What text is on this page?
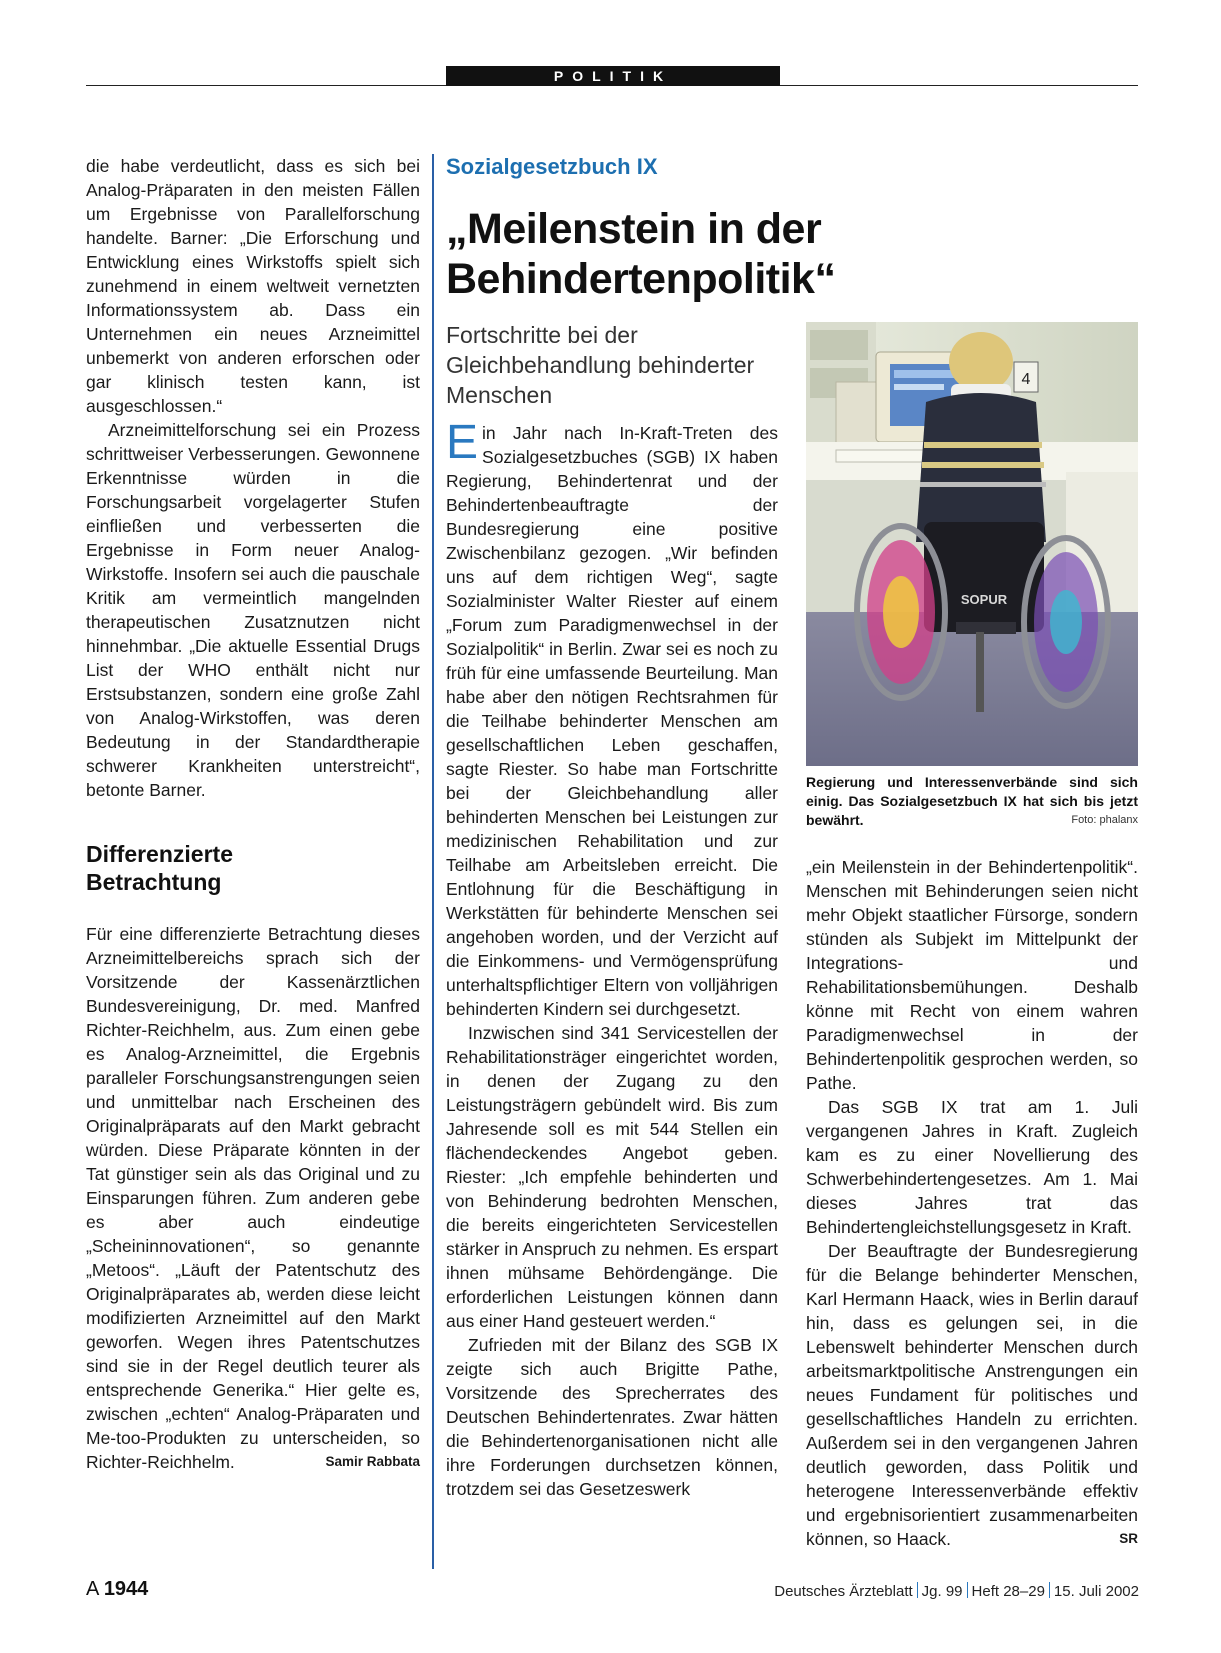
POLITIK

die habe verdeutlicht, dass es sich bei Analog-Präparaten in den meisten Fällen um Ergebnisse von Parallelforschung handelte. Barner: „Die Erforschung und Entwicklung eines Wirkstoffs spielt sich zunehmend in einem weltweit vernetzten Informationssystem ab. Dass ein Unternehmen ein neues Arzneimittel unbemerkt von anderen erforschen oder gar klinisch testen kann, ist ausgeschlossen.“

Arzneimittelforschung sei ein Prozess schrittweiser Verbesserungen. Gewonnene Erkenntnisse würden in die Forschungsarbeit vorgelagerter Stufen einfließen und verbesserten die Ergebnisse in Form neuer Analog-Wirkstoffe. Insofern sei auch die pauschale Kritik am vermeintlich mangelnden therapeutischen Zusatznutzen nicht hinnehmbar. „Die aktuelle Essential Drugs List der WHO enthält nicht nur Erstsubstanzen, sondern eine große Zahl von Analog-Wirkstoffen, was deren Bedeutung in der Standardtherapie schwerer Krankheiten unterstreicht“, betonte Barner.

Differenzierte
Betrachtung

Für eine differenzierte Betrachtung dieses Arzneimittelbereichs sprach sich der Vorsitzende der Kassenärztlichen Bundesvereinigung, Dr. med. Manfred Richter-Reichhelm, aus. Zum einen gebe es Analog-Arzneimittel, die Ergebnis paralleler Forschungsanstrengungen seien und unmittelbar nach Erscheinen des Originalpräparats auf den Markt gebracht würden. Diese Präparate könnten in der Tat günstiger sein als das Original und zu Einsparungen führen. Zum anderen gebe es aber auch eindeutige „Scheininnovationen“, so genannte „Metoos“. „Läuft der Patentschutz des Originalpräparates ab, werden diese leicht modifizierten Arzneimittel auf den Markt geworfen. Wegen ihres Patentschutzes sind sie in der Regel deutlich teurer als entsprechende Generika.“ Hier gelte es, zwischen „echten“ Analog-Präparaten und Me-too-Produkten zu unterscheiden, so Richter-Reichhelm.	Samir Rabbata

Sozialgesetzbuch IX
„Meilenstein in der
Behindertenpolitik“
Fortschritte bei der Gleichbehandlung behinderter Menschen

Ein Jahr nach In-Kraft-Treten des Sozialgesetzbuches (SGB) IX haben Regierung, Behindertenrat und der Behindertenbeauftragte der Bundesregierung eine positive Zwischenbilanz gezogen. „Wir befinden uns auf dem richtigen Weg“, sagte Sozialminister Walter Riester auf einem „Forum zum Paradigmenwechsel in der Sozialpolitik“ in Berlin. Zwar sei es noch zu früh für eine umfassende Beurteilung. Man habe aber den nötigen Rechtsrahmen für die Teilhabe behinderter Menschen am gesellschaftlichen Leben geschaffen, sagte Riester. So habe man Fortschritte bei der Gleichbehandlung aller behinderten Menschen bei Leistungen zur medizinischen Rehabilitation und zur Teilhabe am Arbeitsleben erreicht. Die Entlohnung für die Beschäftigung in Werkstätten für behinderte Menschen sei angehoben worden, und der Verzicht auf die Einkommens- und Vermögensprüfung unterhaltspflichtiger Eltern von volljährigen behinderten Kindern sei durchgesetzt.

Inzwischen sind 341 Servicestellen der Rehabilitationsträger eingerichtet worden, in denen der Zugang zu den Leistungsträgern gebündelt wird. Bis zum Jahresende soll es mit 544 Stellen ein flächendeckendes Angebot geben. Riester: „Ich empfehle behinderten und von Behinderung bedrohten Menschen, die bereits eingerichteten Servicestellen stärker in Anspruch zu nehmen. Es erspart ihnen mühsame Behördengänge. Die erforderlichen Leistungen können dann aus einer Hand gesteuert werden.“

Zufrieden mit der Bilanz des SGB IX zeigte sich auch Brigitte Pathe, Vorsitzende des Sprecherrates des Deutschen Behindertenrates. Zwar hätten die Behindertenorganisationen nicht alle ihre Forderungen durchsetzen können, trotzdem sei das Gesetzeswerk

4
SOPUR
Regierung und Interessenverbände sind sich einig. Das Sozialgesetzbuch IX hat sich bis jetzt bewährt.	Foto: phalanx

„ein Meilenstein in der Behindertenpolitik“. Menschen mit Behinderungen seien nicht mehr Objekt staatlicher Fürsorge, sondern stünden als Subjekt im Mittelpunkt der Integrations- und Rehabilitationsbemühungen. Deshalb könne mit Recht von einem wahren Paradigmenwechsel in der Behindertenpolitik gesprochen werden, so Pathe.

Das SGB IX trat am 1. Juli vergangenen Jahres in Kraft. Zugleich kam es zu einer Novellierung des Schwerbehindertengesetzes. Am 1. Mai dieses Jahres trat das Behindertengleichstellungsgesetz in Kraft.

Der Beauftragte der Bundesregierung für die Belange behinderter Menschen, Karl Hermann Haack, wies in Berlin darauf hin, dass es gelungen sei, in die Lebenswelt behinderter Menschen durch arbeitsmarktpolitische Anstrengungen ein neues Fundament für politisches und gesellschaftliches Handeln zu errichten. Außerdem sei in den vergangenen Jahren deutlich geworden, dass Politik und heterogene Interessenverbände effektiv und ergebnisorientiert zusammenarbeiten können, so Haack.	SR

A 1944	Deutsches Ärzteblatt Jg. 99 Heft 28–29 15. Juli 2002
